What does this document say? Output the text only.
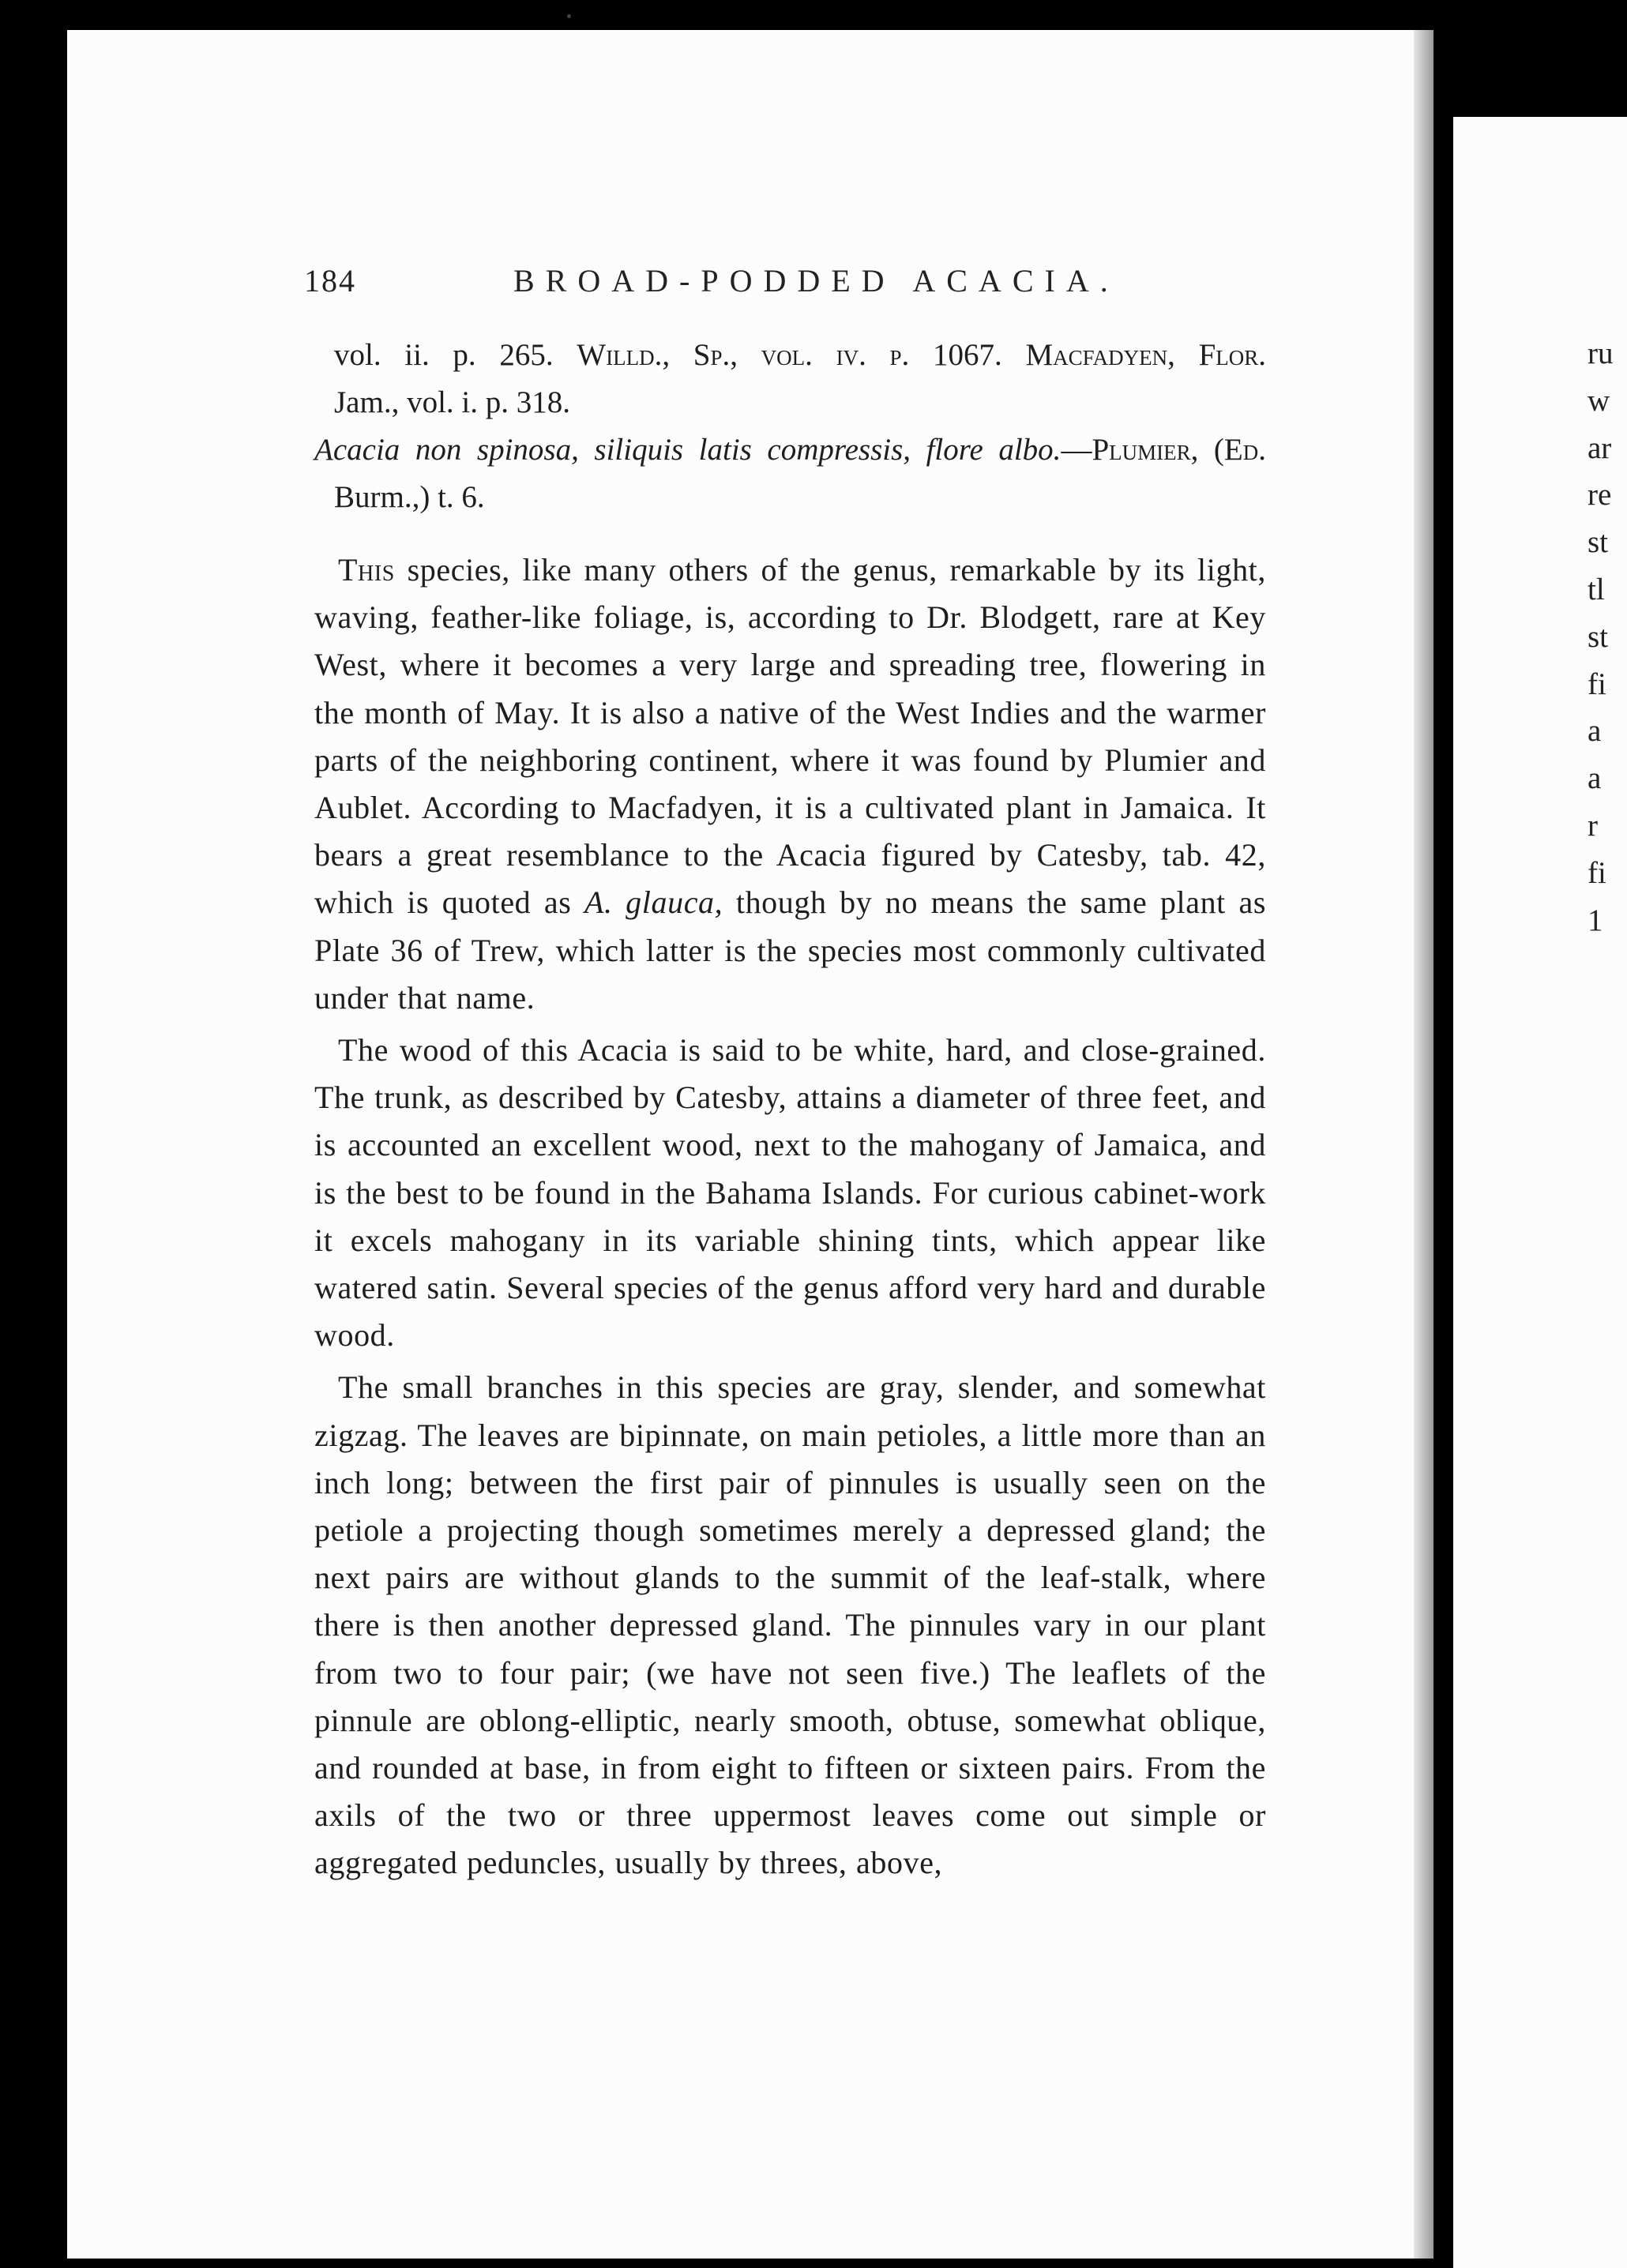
184	BROAD-PODDED ACACIA.

vol. ii. p. 265. Willd., Sp., vol. iv. p. 1067. Macfadyen, Flor.

Jam., vol. i. p. 318.

Acacia non spinosa, siliquis latis compressis, flore albo.—Plumier, (Ed.

Burm.,) t. 6.

This species, like many others of the genus, remarkable by its light, waving, feather-like foliage, is, according to Dr. Blodgett, rare at Key West, where it becomes a very large and spreading tree, flowering in the month of May. It is also a native of the West Indies and the warmer parts of the neighboring continent, where it was found by Plumier and Aublet. According to Macfadyen, it is a cultivated plant in Jamaica. It bears a great resemblance to the Acacia figured by Catesby, tab. 42, which is quoted as A. glauca, though by no means the same plant as Plate 36 of Trew, which latter is the species most commonly cultivated under that name.

The wood of this Acacia is said to be white, hard, and close-grained. The trunk, as described by Catesby, attains a diameter of three feet, and is accounted an excellent wood, next to the mahogany of Jamaica, and is the best to be found in the Bahama Islands. For curious cabinet-work it excels mahogany in its variable shining tints, which appear like watered satin. Several species of the genus afford very hard and durable wood.

The small branches in this species are gray, slender, and somewhat zigzag. The leaves are bipinnate, on main petioles, a little more than an inch long; between the first pair of pinnules is usually seen on the petiole a projecting though sometimes merely a depressed gland; the next pairs are without glands to the summit of the leaf-stalk, where there is then another depressed gland. The pinnules vary in our plant from two to four pair; (we have not seen five.) The leaflets of the pinnule are oblong-elliptic, nearly smooth, obtuse, somewhat oblique, and rounded at base, in from eight to fifteen or sixteen pairs. From the axils of the two or three uppermost leaves come out simple or aggregated peduncles, usually by threes, above,

ru
w
ar
re
st
tl
st
fi
a
a
r
fi
1
